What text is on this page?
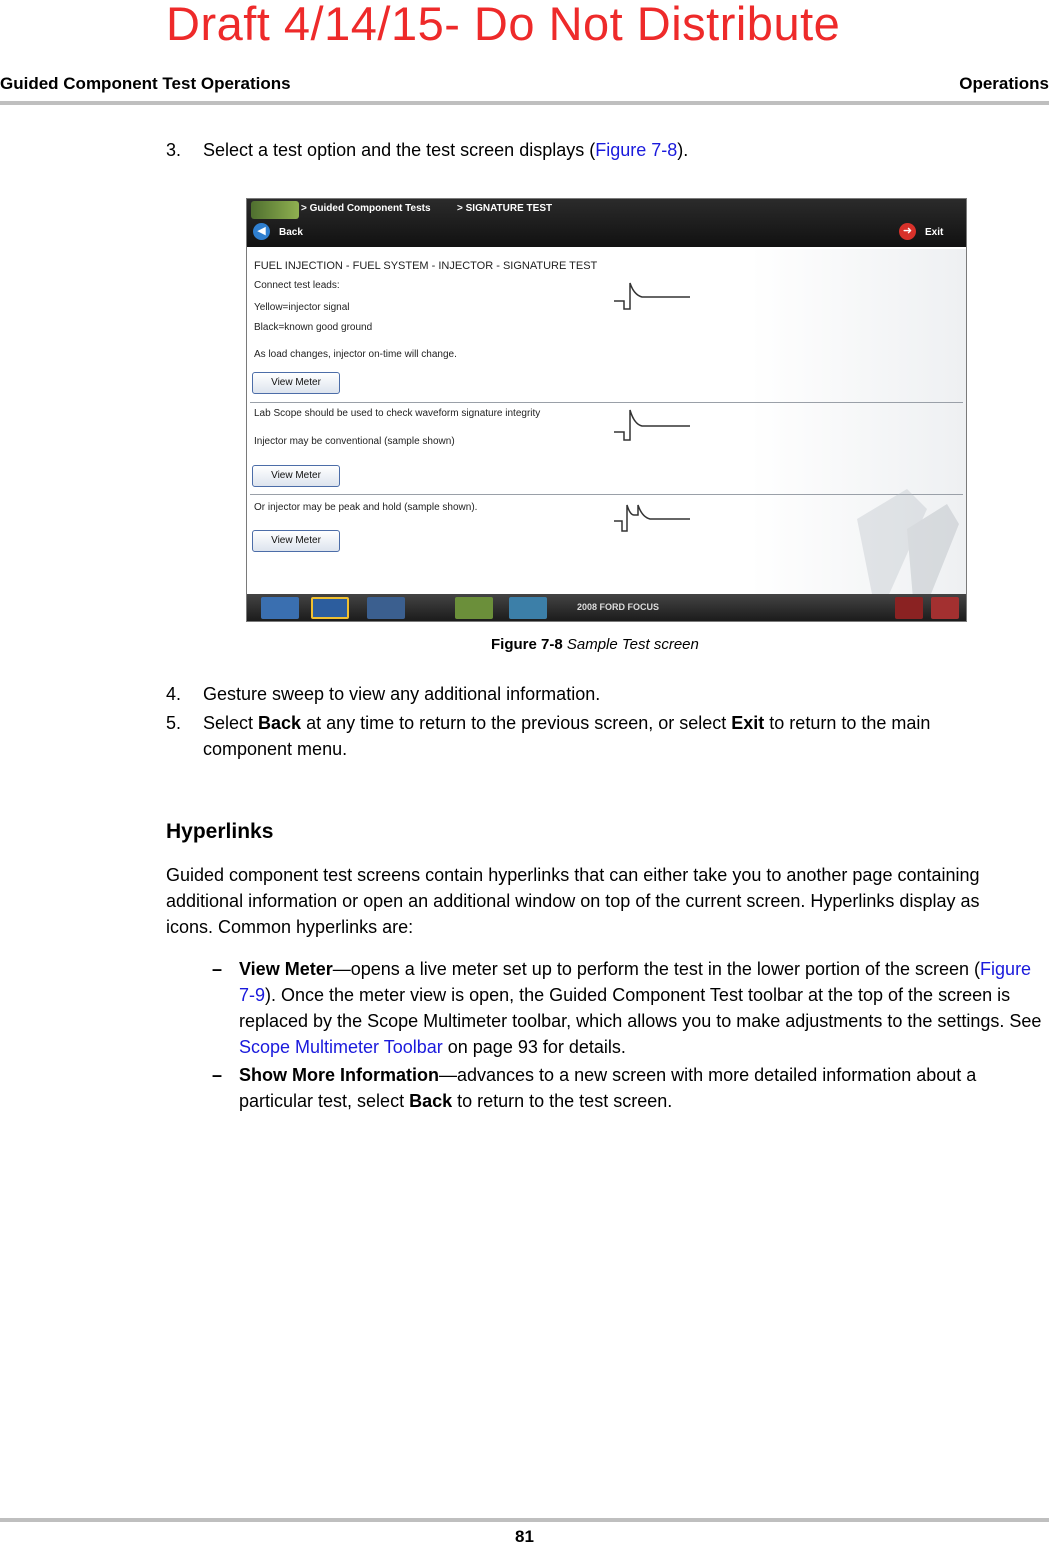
Draft 4/14/15- Do Not Distribute
Guided Component Test Operations	Operations
3. Select a test option and the test screen displays (Figure 7-8).
> Guided Component Tests	> SIGNATURE TEST
◀	Back	➜	Exit
FUEL INJECTION - FUEL SYSTEM - INJECTOR - SIGNATURE TEST
Connect test leads:
Yellow=injector signal
Black=known good ground
As load changes, injector on-time will change.
View Meter
Lab Scope should be used to check waveform signature integrity
Injector may be conventional (sample shown)
View Meter
Or injector may be peak and hold (sample shown).
View Meter
2008 FORD FOCUS
Figure 7-8 Sample Test screen
4. Gesture sweep to view any additional information.
5. Select Back at any time to return to the previous screen, or select Exit to return to the main
component menu.
Hyperlinks

Guided component test screens contain hyperlinks that can either take you to another page containing additional information or open an additional window on top of the current screen. Hyperlinks display as icons. Common hyperlinks are:

– View Meter—opens a live meter set up to perform the test in the lower portion of the screen (Figure 7-9). Once the meter view is open, the Guided Component Test toolbar at the top of the screen is replaced by the Scope Multimeter toolbar, which allows you to make adjustments to the settings. See Scope Multimeter Toolbar on page 93 for details.
– Show More Information—advances to a new screen with more detailed information about a particular test, select Back to return to the test screen.
81
